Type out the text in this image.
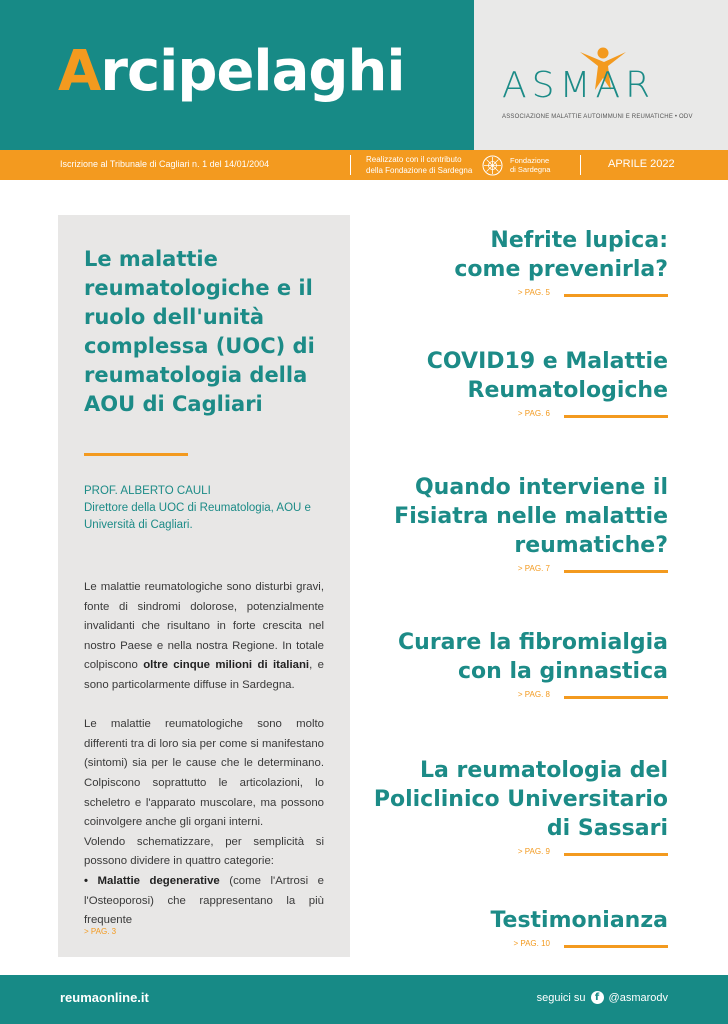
Arcipelaghi	ASMAR
ASSOCIAZIONE MALATTIE AUTOIMMUNI E REUMATICHE • ODV
Iscrizione al Tribunale di Cagliari n. 1 del 14/01/2004	Realizzato con il contributo
della Fondazione di Sardegna
Fondazione
di Sardegna	APRILE 2022
Le malattie reumatologiche e il ruolo dell'unità complessa (UOC) di reumatologia della AOU di Cagliari
PROF. ALBERTO CAULI
Direttore della UOC di Reumatologia, AOU e Università di Cagliari.

Le malattie reumatologiche sono disturbi gravi, fonte di sindromi dolorose, potenzialmente invalidanti che risultano in forte crescita nel nostro Paese e nella nostra Regione. In totale colpiscono oltre cinque milioni di italiani, e sono particolarmente diffuse in Sardegna.

Le malattie reumatologiche sono molto differenti tra di loro sia per come si manifestano (sintomi) sia per le cause che le determinano. Colpiscono soprattutto le articolazioni, lo scheletro e l'apparato muscolare, ma possono coinvolgere anche gli organi interni.

Volendo schematizzare, per semplicità si possono dividere in quattro categorie:

• Malattie degenerative (come l'Artrosi e l'Osteoporosi) che rappresentano la più frequente

> PAG. 3
Nefrite lupica:
come prevenirla?
> PAG. 5
COVID19 e Malattie
Reumatologiche
> PAG. 6
Quando interviene il
Fisiatra nelle malattie
reumatiche?
> PAG. 7
Curare la fibromialgia
con la ginnastica
> PAG. 8
La reumatologia del
Policlinico Universitario
di Sassari
> PAG. 9
Testimonianza
> PAG. 10
reumaonline.it	seguici su f @asmarodv
